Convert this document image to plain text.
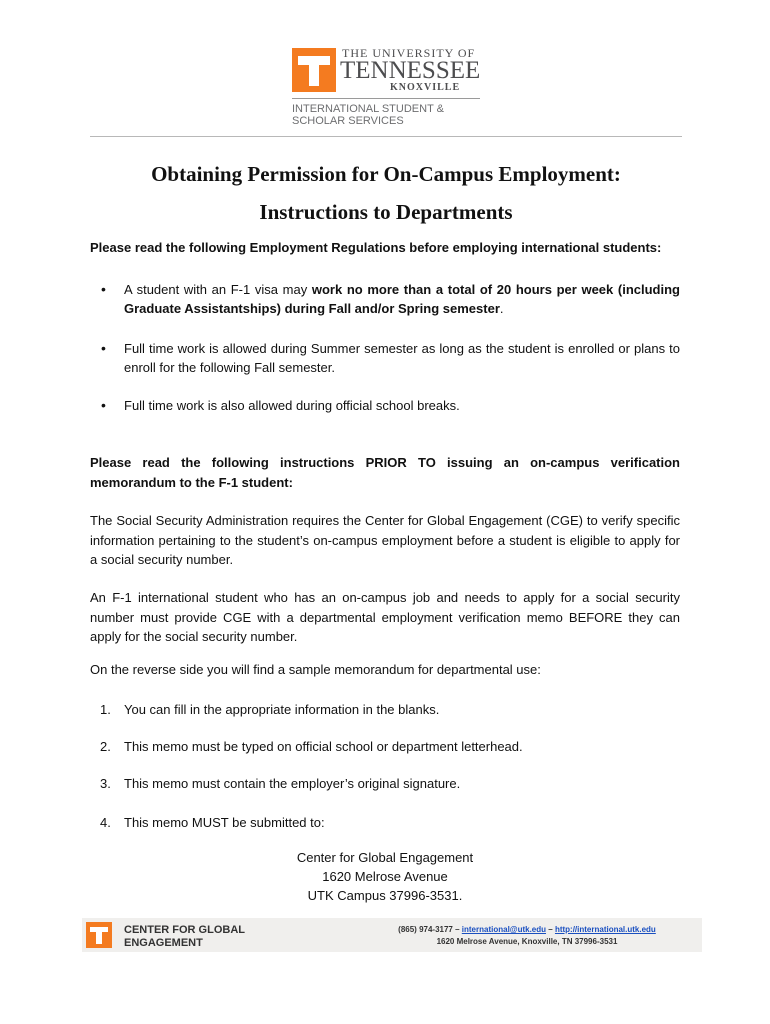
THE UNIVERSITY OF
TENNESSEE
KNOXVILLE
INTERNATIONAL STUDENT &
SCHOLAR SERVICES
Obtaining Permission for On-Campus Employment:
Instructions to Departments
Please read the following Employment Regulations before employing international students:
• A student with an F-1 visa may work no more than a total of 20 hours per week (including Graduate Assistantships) during Fall and/or Spring semester.
• Full time work is allowed during Summer semester as long as the student is enrolled or plans to enroll for the following Fall semester.
• Full time work is also allowed during official school breaks.
Please read the following instructions PRIOR TO issuing an on-campus verification memorandum to the F-1 student:
The Social Security Administration requires the Center for Global Engagement (CGE) to verify specific information pertaining to the student’s on-campus employment before a student is eligible to apply for a social security number.
An F-1 international student who has an on-campus job and needs to apply for a social security number must provide CGE with a departmental employment verification memo BEFORE they can apply for the social security number.
On the reverse side you will find a sample memorandum for departmental use:
1. You can fill in the appropriate information in the blanks.
2. This memo must be typed on official school or department letterhead.
3. This memo must contain the employer’s original signature.
4. This memo MUST be submitted to:
Center for Global Engagement
1620 Melrose Avenue
UTK Campus 37996-3531.
CENTER FOR GLOBAL
ENGAGEMENT
(865) 974-3177 – international@utk.edu – http://international.utk.edu
1620 Melrose Avenue, Knoxville, TN 37996-3531
